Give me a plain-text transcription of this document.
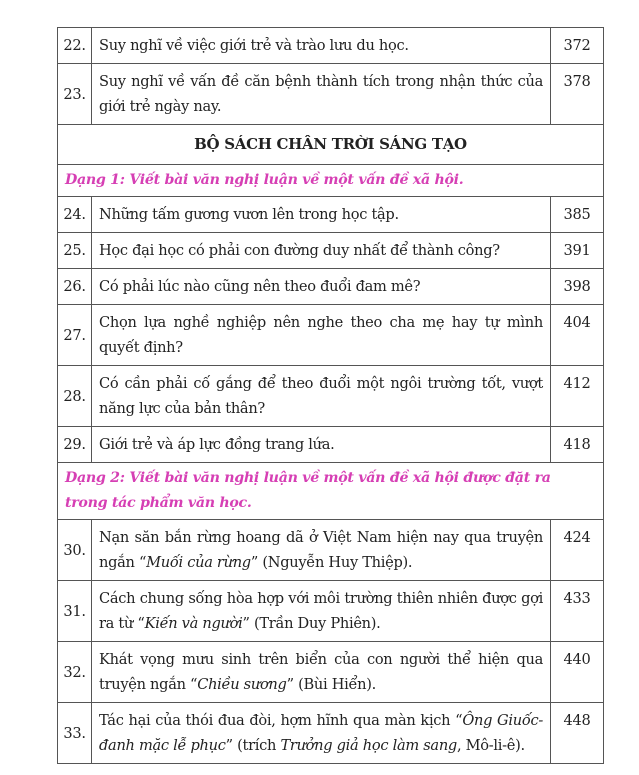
22.	Suy nghĩ về việc giới trẻ và trào lưu du học.	372
23.	Suy nghĩ về vấn đề căn bệnh thành tích trong nhận thức của giới trẻ ngày nay.	378
BỘ SÁCH CHÂN TRỜI SÁNG TẠO		
Dạng 1: Viết bài văn nghị luận về một vấn đề xã hội.		
24.	Những tấm gương vươn lên trong học tập.	385
25.	Học đại học có phải con đường duy nhất để thành công?	391
26.	Có phải lúc nào cũng nên theo đuổi đam mê?	398
27.	Chọn lựa nghề nghiệp nên nghe theo cha mẹ hay tự mình quyết định?	404
28.	Có cần phải cố gắng để theo đuổi một ngôi trường tốt, vượt năng lực của bản thân?	412
29.	Giới trẻ và áp lực đồng trang lứa.	418
Dạng 2: Viết bài văn nghị luận về một vấn đề xã hội được đặt ra trong tác phẩm văn học.		
30.	Nạn săn bắn rừng hoang dã ở Việt Nam hiện nay qua truyện ngắn “Muối của rừng” (Nguyễn Huy Thiệp).	424
31.	Cách chung sống hòa hợp với môi trường thiên nhiên được gợi ra từ “Kiến và người” (Trần Duy Phiên).	433
32.	Khát vọng mưu sinh trên biển của con người thể hiện qua truyện ngắn “Chiều sương” (Bùi Hiển).	440
33.	Tác hại của thói đua đòi, hợm hĩnh qua màn kịch “Ông Giuốc-đanh mặc lễ phục” (trích Trưởng giả học làm sang, Mô-li-ê).	448
